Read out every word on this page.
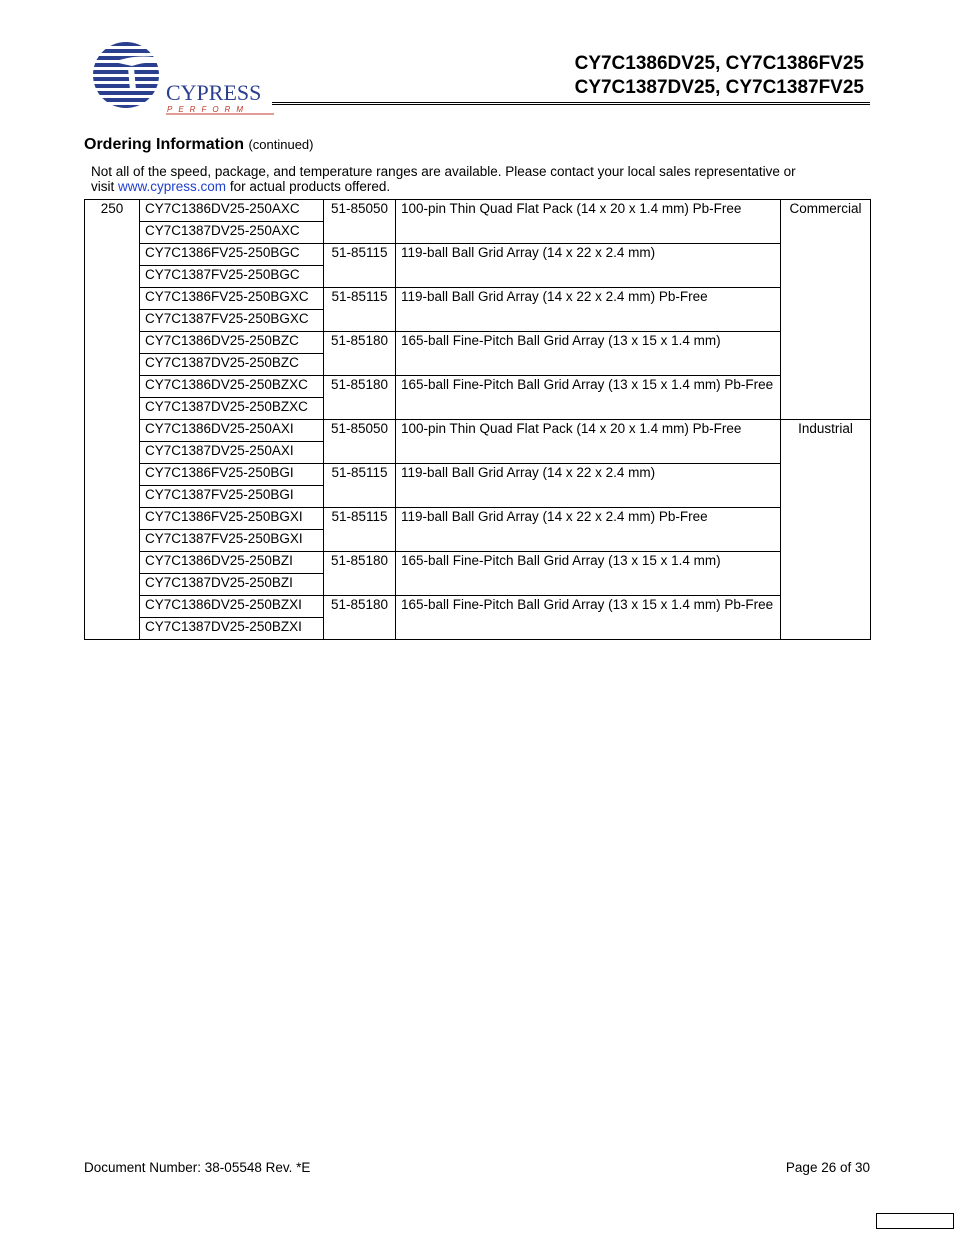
CYPRESS
PERFORM
CY7C1386DV25, CY7C1386FV25
CY7C1387DV25, CY7C1387FV25
Ordering Information (continued)
Not all of the speed, package, and temperature ranges are available. Please contact your local sales representative or
visit www.cypress.com for actual products offered.
250	CY7C1386DV25-250AXC	51-85050	100-pin Thin Quad Flat Pack (14 x 20 x 1.4 mm) Pb-Free	Commercial
	CY7C1387DV25-250AXC			
	CY7C1386FV25-250BGC	51-85115	119-ball Ball Grid Array (14 x 22 x 2.4 mm)	
	CY7C1387FV25-250BGC			
	CY7C1386FV25-250BGXC	51-85115	119-ball Ball Grid Array (14 x 22 x 2.4 mm) Pb-Free	
	CY7C1387FV25-250BGXC			
	CY7C1386DV25-250BZC	51-85180	165-ball Fine-Pitch Ball Grid Array (13 x 15 x 1.4 mm)	
	CY7C1387DV25-250BZC			
	CY7C1386DV25-250BZXC	51-85180	165-ball Fine-Pitch Ball Grid Array (13 x 15 x 1.4 mm) Pb-Free	
	CY7C1387DV25-250BZXC			
	CY7C1386DV25-250AXI	51-85050	100-pin Thin Quad Flat Pack (14 x 20 x 1.4 mm) Pb-Free	Industrial
	CY7C1387DV25-250AXI			
	CY7C1386FV25-250BGI	51-85115	119-ball Ball Grid Array (14 x 22 x 2.4 mm)	
	CY7C1387FV25-250BGI			
	CY7C1386FV25-250BGXI	51-85115	119-ball Ball Grid Array (14 x 22 x 2.4 mm) Pb-Free	
	CY7C1387FV25-250BGXI			
	CY7C1386DV25-250BZI	51-85180	165-ball Fine-Pitch Ball Grid Array (13 x 15 x 1.4 mm)	
	CY7C1387DV25-250BZI			
	CY7C1386DV25-250BZXI	51-85180	165-ball Fine-Pitch Ball Grid Array (13 x 15 x 1.4 mm) Pb-Free	
	CY7C1387DV25-250BZXI			
Document Number: 38-05548 Rev. *E	Page 26 of 30
